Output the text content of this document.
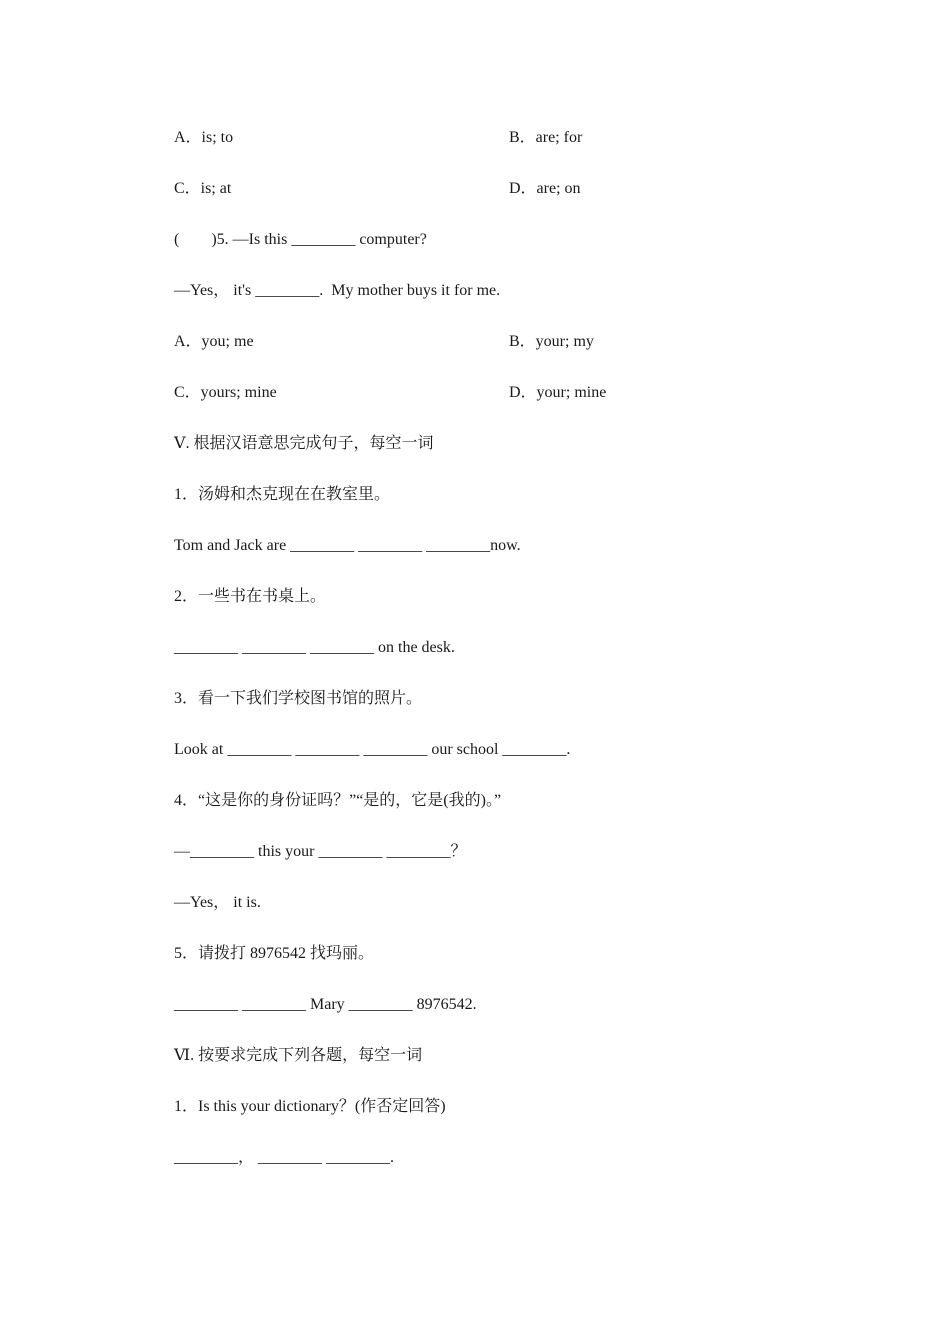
A．is; to	B．are; for
C．is; at	D．are; on
(　　)5. —Is this ________ computer?
—Yes， it's ________.  My mother buys it for me.
A．you; me	B．your; my
C．yours; mine	D．your; mine
Ⅴ. 根据汉语意思完成句子，每空一词
1．汤姆和杰克现在在教室里。
Tom and Jack are ________ ________ ________now.
2．一些书在书桌上。
________ ________ ________ on the desk.
3．看一下我们学校图书馆的照片。
Look at ________ ________ ________ our school ________.
4．“这是你的身份证吗？”“是的，它是(我的)。”
—________ this your ________ ________？
—Yes， it is.
5．请拨打 8976542 找玛丽。
________ ________ Mary ________ 8976542.
Ⅵ. 按要求完成下列各题，每空一词
1．Is this your dictionary？(作否定回答)
________， ________ ________.
